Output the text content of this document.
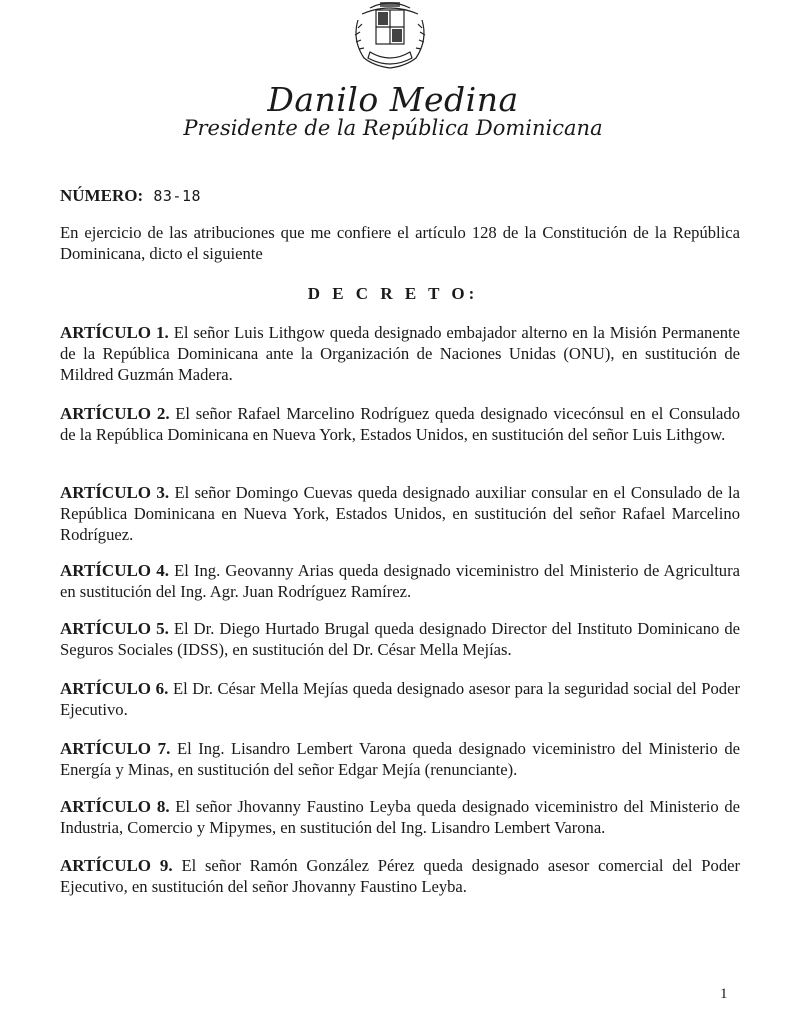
Danilo Medina
Presidente de la República Dominicana
NÚMERO: 83-18
En ejercicio de las atribuciones que me confiere el artículo 128 de la Constitución de la República Dominicana, dicto el siguiente
D E C R E T O:
ARTÍCULO 1. El señor Luis Lithgow queda designado embajador alterno en la Misión Permanente de la República Dominicana ante la Organización de Naciones Unidas (ONU), en sustitución de Mildred Guzmán Madera.
ARTÍCULO 2. El señor Rafael Marcelino Rodríguez queda designado vicecónsul en el Consulado de la República Dominicana en Nueva York, Estados Unidos, en sustitución del señor Luis Lithgow.
ARTÍCULO 3. El señor Domingo Cuevas queda designado auxiliar consular en el Consulado de la República Dominicana en Nueva York, Estados Unidos, en sustitución del señor Rafael Marcelino Rodríguez.
ARTÍCULO 4. El Ing. Geovanny Arias queda designado viceministro del Ministerio de Agricultura en sustitución del Ing. Agr. Juan Rodríguez Ramírez.
ARTÍCULO 5. El Dr. Diego Hurtado Brugal queda designado Director del Instituto Dominicano de Seguros Sociales (IDSS), en sustitución del Dr. César Mella Mejías.
ARTÍCULO 6. El Dr. César Mella Mejías queda designado asesor para la seguridad social del Poder Ejecutivo.
ARTÍCULO 7. El Ing. Lisandro Lembert Varona queda designado viceministro del Ministerio de Energía y Minas, en sustitución del señor Edgar Mejía (renunciante).
ARTÍCULO 8. El señor Jhovanny Faustino Leyba queda designado viceministro del Ministerio de Industria, Comercio y Mipymes, en sustitución del Ing. Lisandro Lembert Varona.
ARTÍCULO 9. El señor Ramón González Pérez queda designado asesor comercial del Poder Ejecutivo, en sustitución del señor Jhovanny Faustino Leyba.
1
